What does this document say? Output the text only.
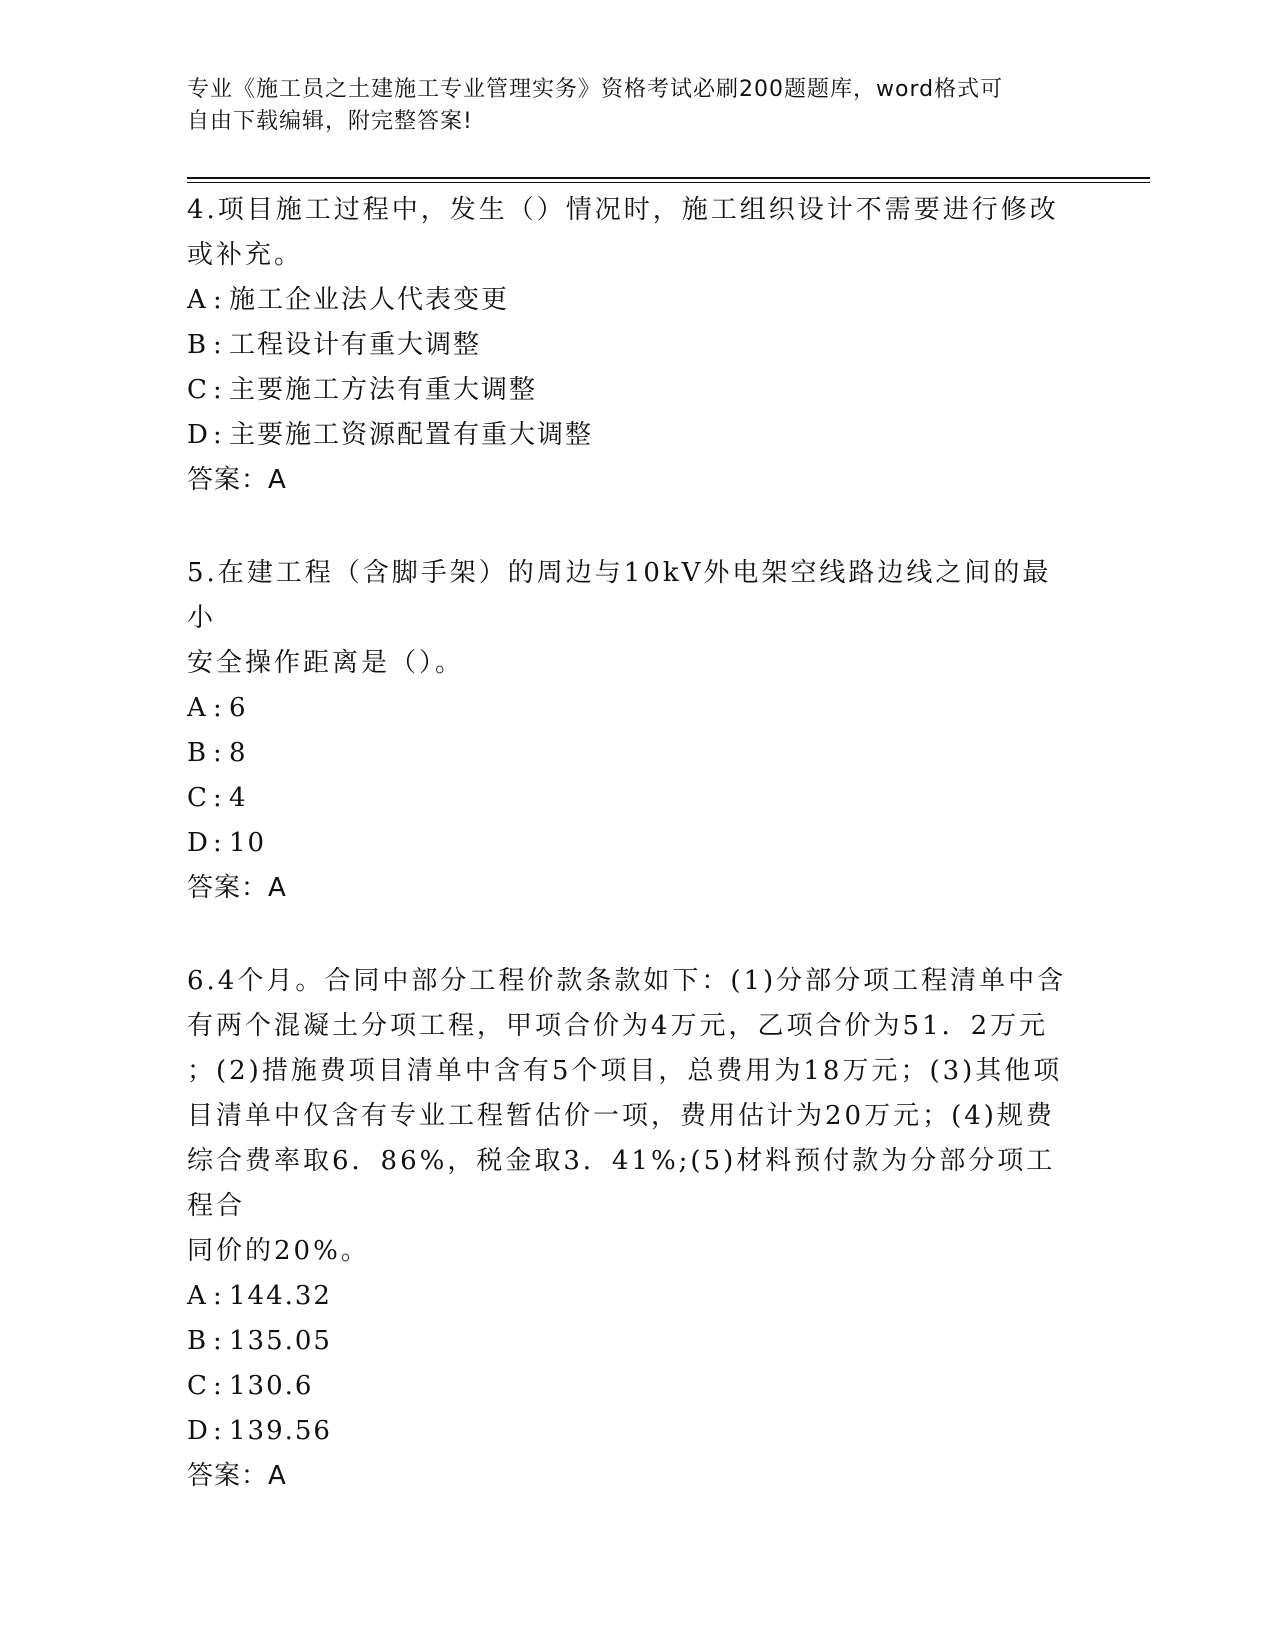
专业《施工员之土建施工专业管理实务》资格考试必刷200题题库，word格式可
自由下载编辑，附完整答案!
4.项目施工过程中，发生（）情况时，施工组织设计不需要进行修改
或补充。
A : 施工企业法人代表变更
B : 工程设计有重大调整
C : 主要施工方法有重大调整
D : 主要施工资源配置有重大调整
答案：A
5.在建工程（含脚手架）的周边与10kV外电架空线路边线之间的最小
安全操作距离是（）。
A : 6
B : 8
C : 4
D : 10
答案：A
6.4个月。合同中部分工程价款条款如下：(1)分部分项工程清单中含
有两个混凝土分项工程，甲项合价为4万元，乙项合价为51．2万元
；(2)措施费项目清单中含有5个项目，总费用为18万元；(3)其他项
目清单中仅含有专业工程暂估价一项，费用估计为20万元；(4)规费
综合费率取6．86%，税金取3．41%;(5)材料预付款为分部分项工程合
同价的20%。
A : 144.32
B : 135.05
C : 130.6
D : 139.56
答案：A
